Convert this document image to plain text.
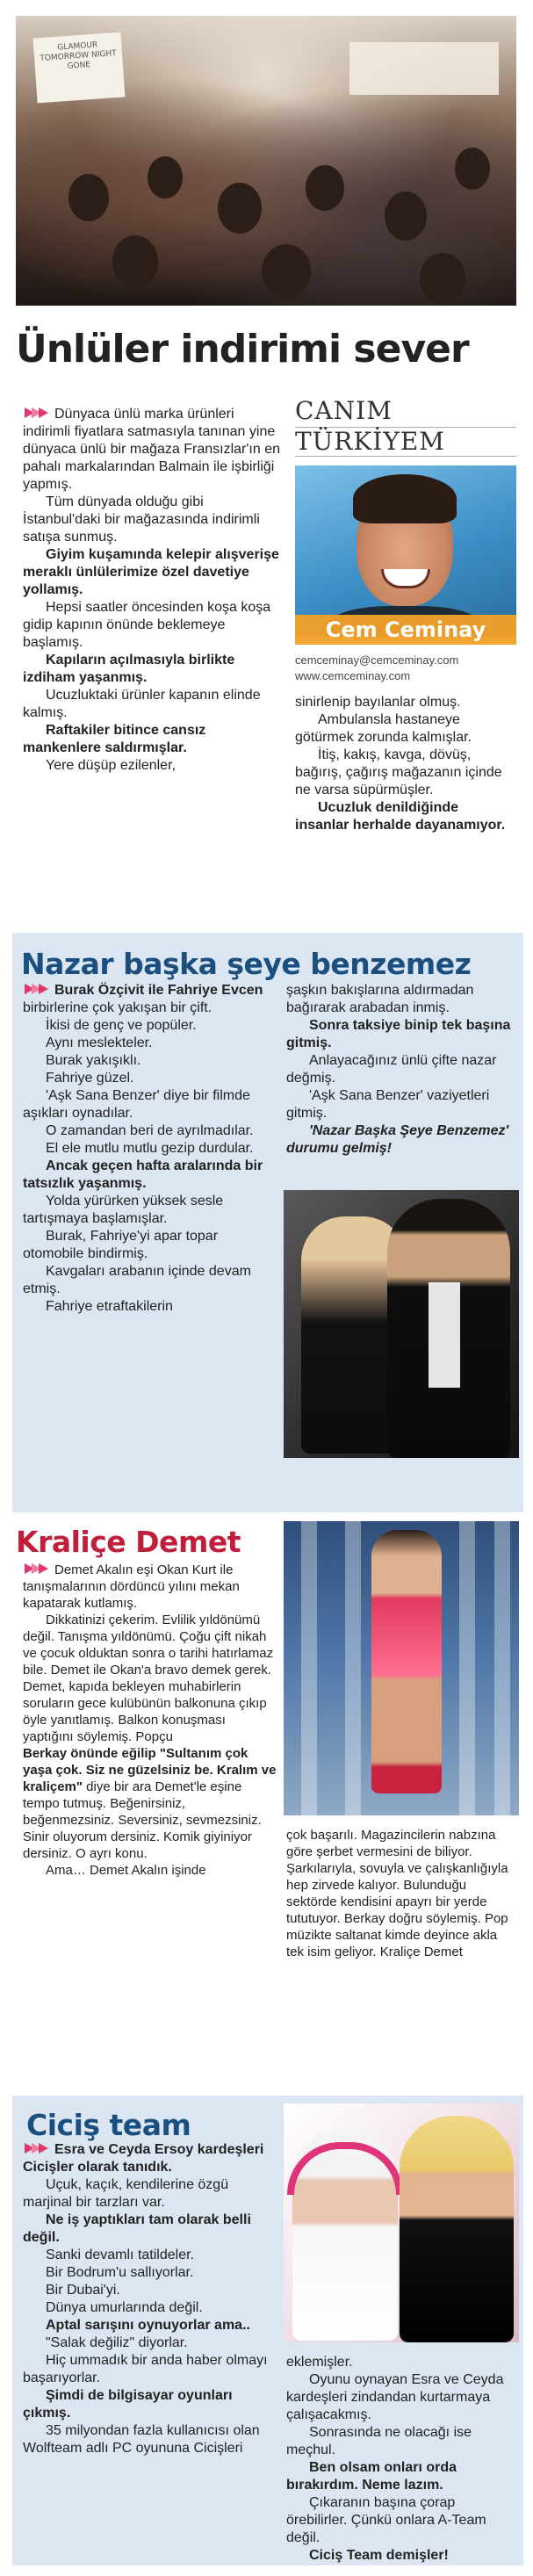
GLAMOUR TOMORROW NIGHT GONE
Ünlüler indirimi sever

Dünyaca ünlü marka ürünleri indirimli fiyatlara satmasıyla tanınan yine dünyaca ünlü bir mağaza Fransızlar'ın en pahalı markalarından Balmain ile işbirliği yapmış.

Tüm dünyada olduğu gibi İstanbul'daki bir mağazasında indirimli satışa sunmuş.

Giyim kuşamında kelepir alışverişe meraklı ünlülerimize özel davetiye yollamış.

Hepsi saatler öncesinden koşa koşa gidip kapının önünde beklemeye başlamış.

Kapıların açılmasıyla birlikte izdiham yaşanmış.

Ucuzluktaki ürünler kapanın elinde kalmış.

Raftakiler bitince cansız mankenlere saldırmışlar.

Yere düşüp ezilenler,

CANIM
TÜRKİYEM
Cem Ceminay
cemceminay@cemceminay.com
www.cemceminay.com

sinirlenip bayılanlar olmuş.

Ambulansla hastaneye götürmek zorunda kalmışlar.

İtiş, kakış, kavga, dövüş, bağırış, çağırış mağazanın içinde ne varsa süpürmüşler.

Ucuzluk denildiğinde insanlar herhalde dayanamıyor.

Nazar başka şeye benzemez

Burak Özçivit ile Fahriye Evcen birbirlerine çok yakışan bir çift.

İkisi de genç ve popüler.

Aynı meslekteler.

Burak yakışıklı.

Fahriye güzel.

'Aşk Sana Benzer' diye bir filmde aşıkları oynadılar.

O zamandan beri de ayrılmadılar.

El ele mutlu mutlu gezip durdular.

Ancak geçen hafta aralarında bir tatsızlık yaşanmış.

Yolda yürürken yüksek sesle tartışmaya başlamışlar.

Burak, Fahriye'yi apar topar otomobile bindirmiş.

Kavgaları arabanın içinde devam etmiş.

Fahriye etraftakilerin

şaşkın bakışlarına aldırmadan bağırarak arabadan inmiş.

Sonra taksiye binip tek başına gitmiş.

Anlayacağınız ünlü çifte nazar değmiş.

'Aşk Sana Benzer' vaziyetleri gitmiş.

'Nazar Başka Şeye Benzemez' durumu gelmiş!

Kraliçe Demet

Demet Akalın eşi Okan Kurt ile tanışmalarının dördüncü yılını mekan kapatarak kutlamış.

Dikkatinizi çekerim. Evlilik yıldönümü değil. Tanışma yıldönümü. Çoğu çift nikah ve çocuk olduktan sonra o tarihi hatırlamaz bile. Demet ile Okan'a bravo demek gerek. Demet, kapıda bekleyen muhabirlerin soruların gece kulübünün balkonuna çıkıp öyle yanıtlamış. Balkon konuşması yaptığını söylemiş. Popçu

Berkay önünde eğilip "Sultanım çok yaşa çok. Siz ne güzelsiniz be. Kralım ve kraliçem" diye bir ara Demet'le eşine tempo tutmuş. Beğenirsiniz, beğenmezsiniz. Seversiniz, sevmezsiniz. Sinir oluyorum dersiniz. Komik giyiniyor dersiniz. O ayrı konu.

Ama… Demet Akalın işinde

çok başarılı. Magazincilerin nabzına göre şerbet vermesini de biliyor. Şarkılarıyla, sovuyla ve çalışkanlığıyla hep zirvede kalıyor. Bulunduğu sektörde kendisini apayrı bir yerde tututuyor. Berkay doğru söylemiş. Pop müzikte saltanat kimde deyince akla tek isim geliyor. Kraliçe Demet

Ciciş team

Esra ve Ceyda Ersoy kardeşleri Cicişler olarak tanıdık.

Uçuk, kaçık, kendilerine özgü marjinal bir tarzları var.

Ne iş yaptıkları tam olarak belli değil.

Sanki devamlı tatildeler.

Bir Bodrum'u sallıyorlar.

Bir Dubai'yi.

Dünya umurlarında değil.

Aptal sarışını oynuyorlar ama..

"Salak değiliz" diyorlar.

Hiç ummadık bir anda haber olmayı başarıyorlar.

Şimdi de bilgisayar oyunları çıkmış.

35 milyondan fazla kullanıcısı olan Wolfteam adlı PC oyununa Cicişleri

eklemişler.

Oyunu oynayan Esra ve Ceyda kardeşleri zindandan kurtarmaya çalışacakmış.

Sonrasında ne olacağı ise meçhul.

Ben olsam onları orda bırakırdım. Neme lazım.

Çıkaranın başına çorap örebilirler. Çünkü onlara A-Team değil.

Ciciş Team demişler!
